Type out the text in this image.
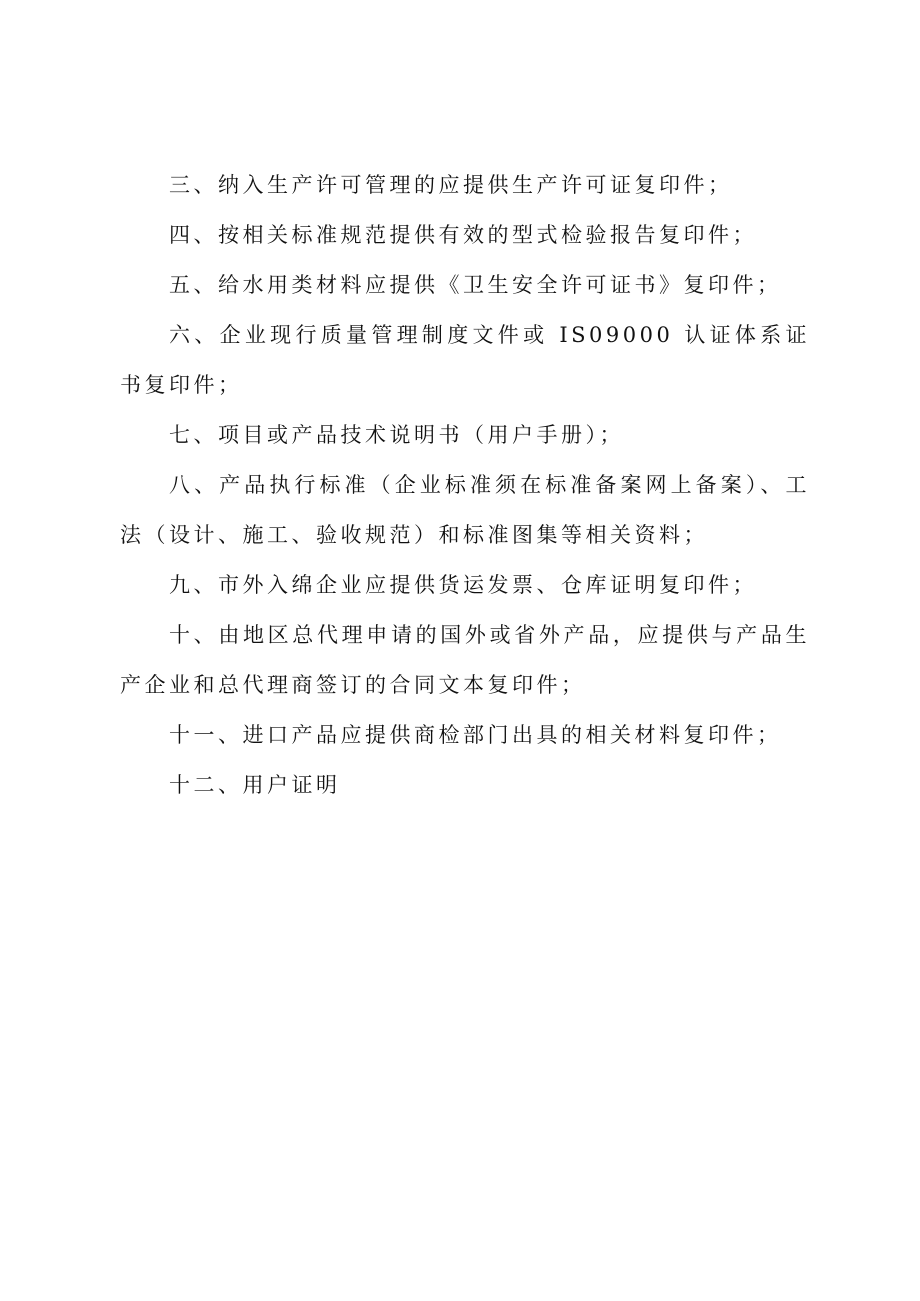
三、纳入生产许可管理的应提供生产许可证复印件；

四、按相关标准规范提供有效的型式检验报告复印件；

五、给水用类材料应提供《卫生安全许可证书》复印件；

六、企业现行质量管理制度文件或 IS09000 认证体系证书复印件；

七、项目或产品技术说明书（用户手册）；

八、产品执行标准（企业标准须在标准备案网上备案）、工法（设计、施工、验收规范）和标准图集等相关资料；

九、市外入绵企业应提供货运发票、仓库证明复印件；

十、由地区总代理申请的国外或省外产品，应提供与产品生产企业和总代理商签订的合同文本复印件；

十一、进口产品应提供商检部门出具的相关材料复印件；

十二、用户证明
